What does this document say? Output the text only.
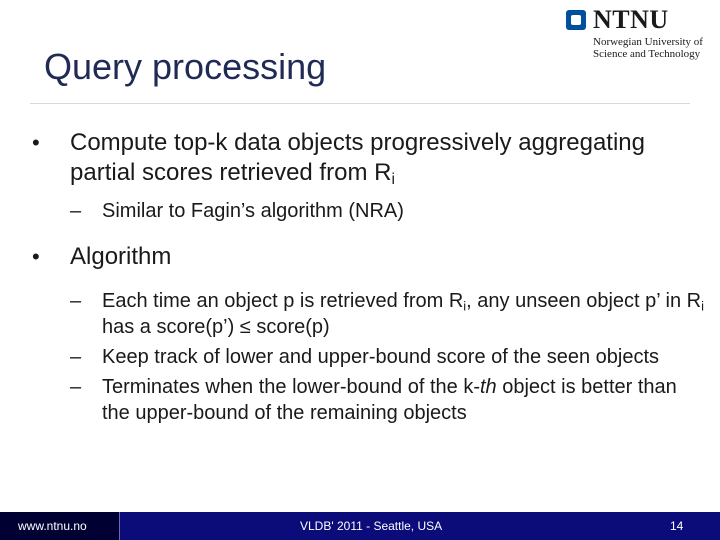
NTNU
Norwegian University of
Science and Technology
Query processing
• Compute top-k data objects progressively aggregating partial scores retrieved from $R_i$
– Similar to Fagin’s algorithm (NRA)
• Algorithm
– Each time an object p is retrieved from $R_i$, any unseen object p’ in $R_i$ has a score(p’) ≤ score(p)
– Keep track of lower and upper-bound score of the seen objects
– Terminates when the lower-bound of the k-th object is better than the upper-bound of the remaining objects
www.ntnu.no	VLDB' 2011 - Seattle, USA	14
